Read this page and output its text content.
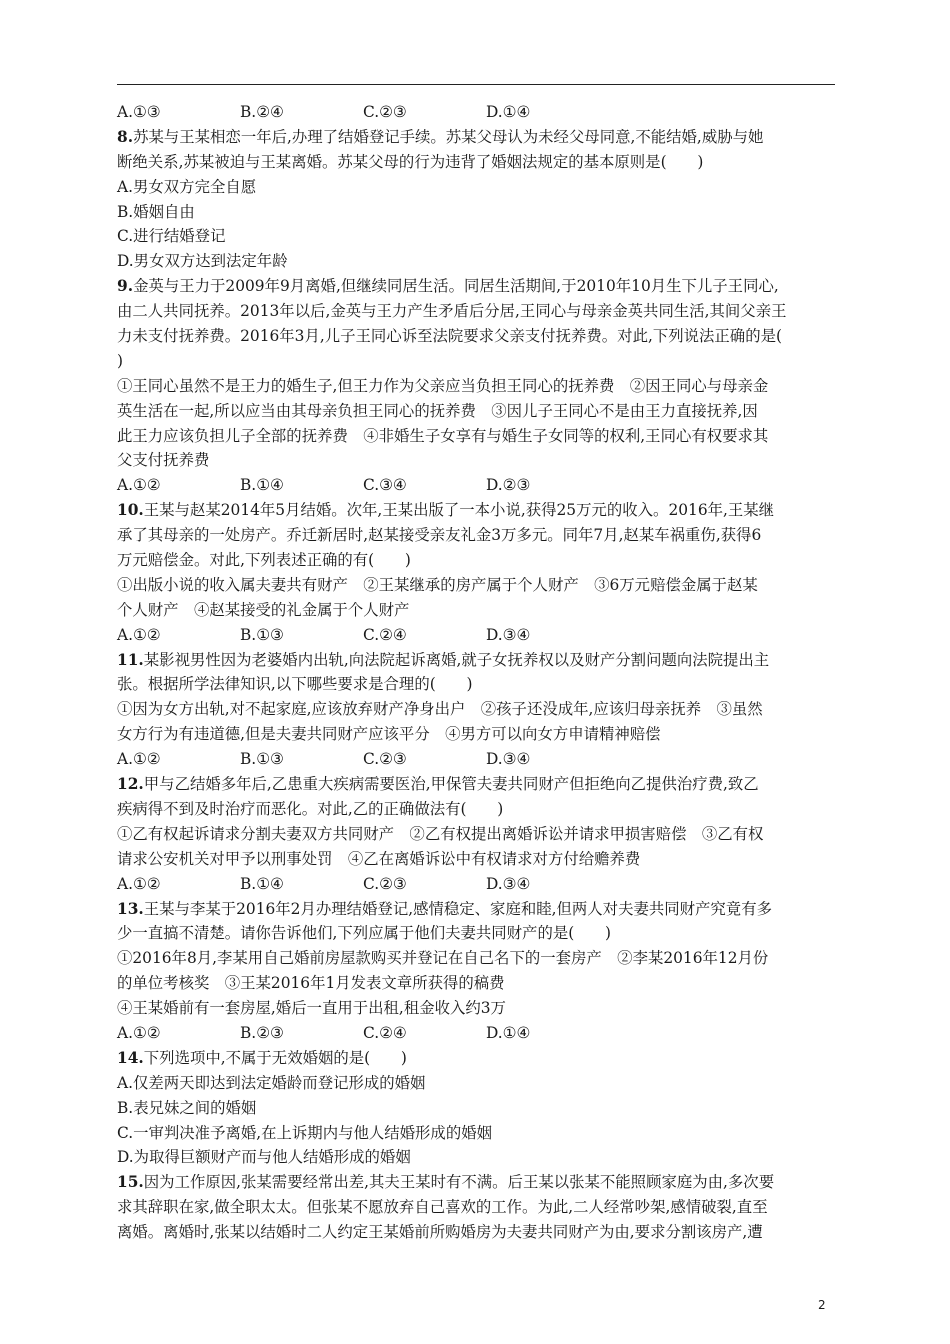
A.①③	B.②④	C.②③	D.①④
8.苏某与王某相恋一年后,办理了结婚登记手续。苏某父母认为未经父母同意,不能结婚,威胁与她
断绝关系,苏某被迫与王某离婚。苏某父母的行为违背了婚姻法规定的基本原则是(　　)
A.男女双方完全自愿
B.婚姻自由
C.进行结婚登记
D.男女双方达到法定年龄
9.金英与王力于2009年9月离婚,但继续同居生活。同居生活期间,于2010年10月生下儿子王同心,
由二人共同抚养。2013年以后,金英与王力产生矛盾后分居,王同心与母亲金英共同生活,其间父亲王
力未支付抚养费。2016年3月,儿子王同心诉至法院要求父亲支付抚养费。对此,下列说法正确的是(
)
①王同心虽然不是王力的婚生子,但王力作为父亲应当负担王同心的抚养费　②因王同心与母亲金
英生活在一起,所以应当由其母亲负担王同心的抚养费　③因儿子王同心不是由王力直接抚养,因
此王力应该负担儿子全部的抚养费　④非婚生子女享有与婚生子女同等的权利,王同心有权要求其
父支付抚养费
A.①②	B.①④	C.③④	D.②③
10.王某与赵某2014年5月结婚。次年,王某出版了一本小说,获得25万元的收入。2016年,王某继
承了其母亲的一处房产。乔迁新居时,赵某接受亲友礼金3万多元。同年7月,赵某车祸重伤,获得6
万元赔偿金。对此,下列表述正确的有(　　)
①出版小说的收入属夫妻共有财产　②王某继承的房产属于个人财产　③6万元赔偿金属于赵某
个人财产　④赵某接受的礼金属于个人财产
A.①②	B.①③	C.②④	D.③④
11.某影视男性因为老婆婚内出轨,向法院起诉离婚,就子女抚养权以及财产分割问题向法院提出主
张。根据所学法律知识,以下哪些要求是合理的(　　)
①因为女方出轨,对不起家庭,应该放弃财产净身出户　②孩子还没成年,应该归母亲抚养　③虽然
女方行为有违道德,但是夫妻共同财产应该平分　④男方可以向女方申请精神赔偿
A.①②	B.①③	C.②③	D.③④
12.甲与乙结婚多年后,乙患重大疾病需要医治,甲保管夫妻共同财产但拒绝向乙提供治疗费,致乙
疾病得不到及时治疗而恶化。对此,乙的正确做法有(　　)
①乙有权起诉请求分割夫妻双方共同财产　②乙有权提出离婚诉讼并请求甲损害赔偿　③乙有权
请求公安机关对甲予以刑事处罚　④乙在离婚诉讼中有权请求对方付给赡养费
A.①②	B.①④	C.②③	D.③④
13.王某与李某于2016年2月办理结婚登记,感情稳定、家庭和睦,但两人对夫妻共同财产究竟有多
少一直搞不清楚。请你告诉他们,下列应属于他们夫妻共同财产的是(　　)
①2016年8月,李某用自己婚前房屋款购买并登记在自己名下的一套房产　②李某2016年12月份
的单位考核奖　③王某2016年1月发表文章所获得的稿费
④王某婚前有一套房屋,婚后一直用于出租,租金收入约3万
A.①②	B.②③	C.②④	D.①④
14.下列选项中,不属于无效婚姻的是(　　)
A.仅差两天即达到法定婚龄而登记形成的婚姻
B.表兄妹之间的婚姻
C.一审判决准予离婚,在上诉期内与他人结婚形成的婚姻
D.为取得巨额财产而与他人结婚形成的婚姻
15.因为工作原因,张某需要经常出差,其夫王某时有不满。后王某以张某不能照顾家庭为由,多次要
求其辞职在家,做全职太太。但张某不愿放弃自己喜欢的工作。为此,二人经常吵架,感情破裂,直至
离婚。离婚时,张某以结婚时二人约定王某婚前所购婚房为夫妻共同财产为由,要求分割该房产,遭
2
